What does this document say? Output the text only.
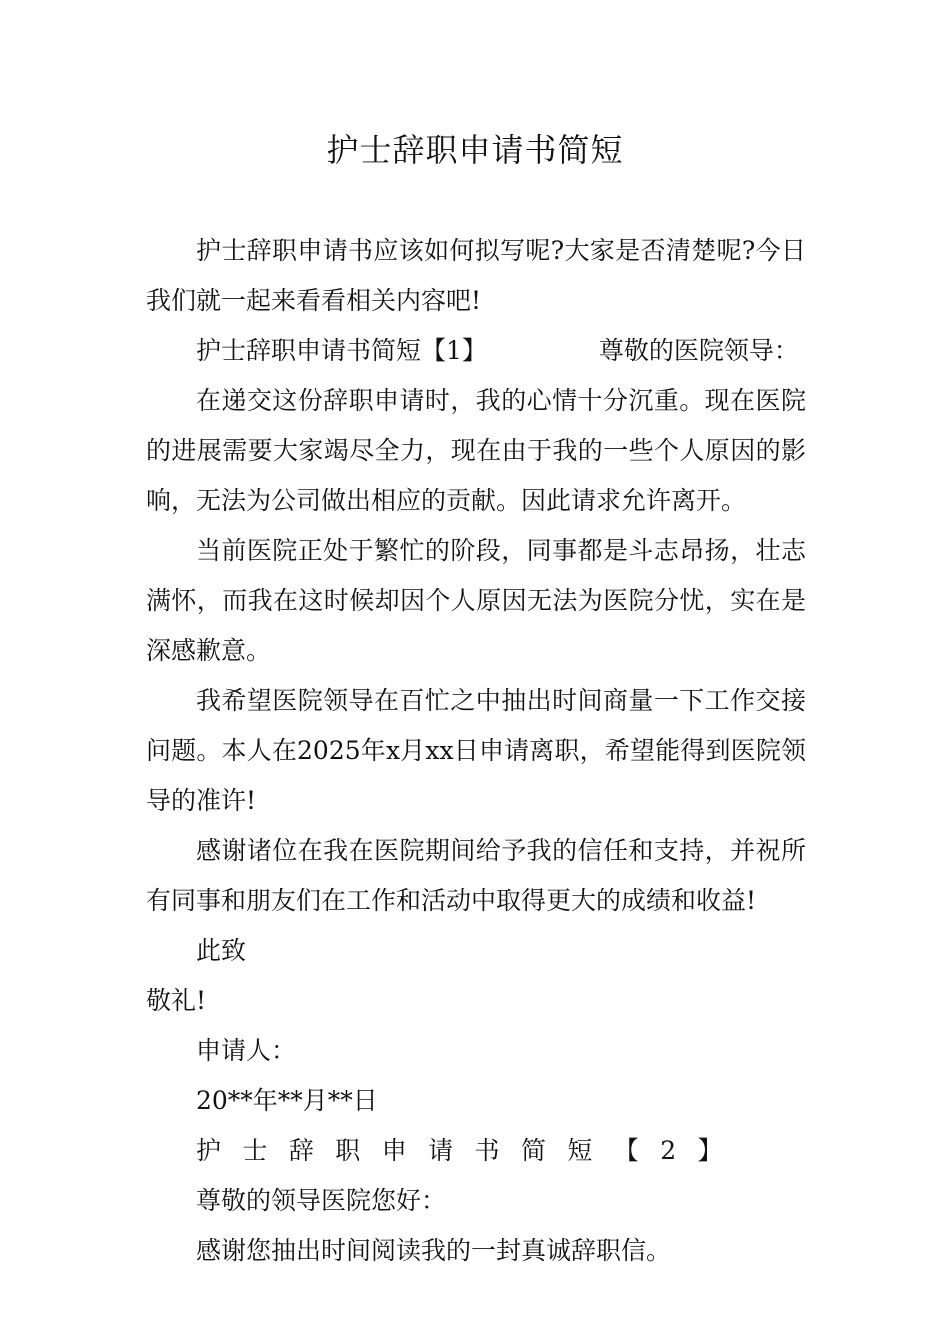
护士辞职申请书简短

护士辞职申请书应该如何拟写呢?大家是否清楚呢?今日我们就一起来看看相关内容吧!

护士辞职申请书简短【1】	尊敬的医院领导：

在递交这份辞职申请时，我的心情十分沉重。现在医院的进展需要大家竭尽全力，现在由于我的一些个人原因的影响，无法为公司做出相应的贡献。因此请求允许离开。

当前医院正处于繁忙的阶段，同事都是斗志昂扬，壮志满怀，而我在这时候却因个人原因无法为医院分忧，实在是深感歉意。

我希望医院领导在百忙之中抽出时间商量一下工作交接问题。本人在2025年x月xx日申请离职，希望能得到医院领导的准许!

感谢诸位在我在医院期间给予我的信任和支持，并祝所有同事和朋友们在工作和活动中取得更大的成绩和收益!

此致

敬礼!

申请人：

20**年**月**日

护士辞职申请书简短【2】尊敬的领导医院您好：

感谢您抽出时间阅读我的一封真诚辞职信。
